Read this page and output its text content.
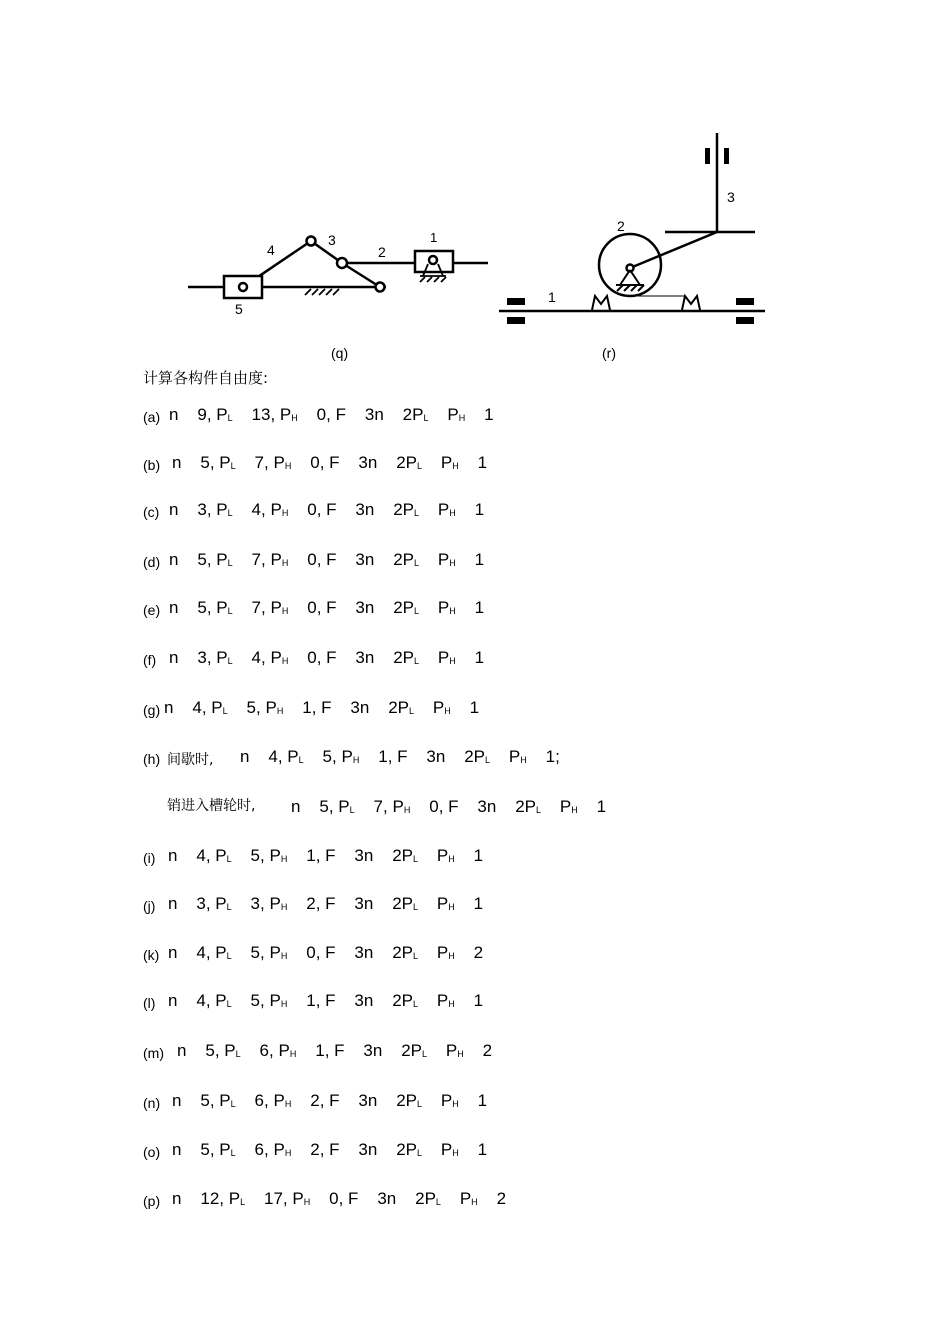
4
3
2
1
5
(q)
3
2
1
(r)
计算各构件自由度:
(a) n    9, $P_L$ 13, $P_H$ 0, F    3n    $2P_L$    $P_H$ 1
(b) n    5, $P_L$ 7, $P_H$ 0, F    3n    $2P_L$    $P_H$ 1
(c) n    3, $P_L$ 4, $P_H$ 0, F    3n    $2P_L$    $P_H$ 1
(d) n    5, $P_L$ 7, $P_H$ 0, F    3n    $2P_L$    $P_H$ 1
(e) n    5, $P_L$ 7, $P_H$ 0, F    3n    $2P_L$    $P_H$ 1
(f) n    3, $P_L$ 4, $P_H$ 0, F    3n    $2P_L$    $P_H$ 1
(g) n    4, $P_L$ 5, $P_H$ 1, F    3n    $2P_L$    $P_H$ 1
(h) 间歇时, n    4, $P_L$ 5, $P_H$ 1, F    3n    $2P_L$    $P_H$ 1;
销进入槽轮时, n    5, $P_L$ 7, $P_H$ 0, F    3n    $2P_L$    $P_H$ 1
(i) n    4, $P_L$ 5, $P_H$ 1, F    3n    $2P_L$    $P_H$ 1
(j) n    3, $P_L$ 3, $P_H$ 2, F    3n    $2P_L$    $P_H$ 1
(k) n    4, $P_L$ 5, $P_H$ 0, F    3n    $2P_L$    $P_H$ 2
(l) n    4, $P_L$ 5, $P_H$ 1, F    3n    $2P_L$    $P_H$ 1
(m) n    5, $P_L$ 6, $P_H$ 1, F    3n    $2P_L$    $P_H$ 2
(n) n    5, $P_L$ 6, $P_H$ 2, F    3n    $2P_L$    $P_H$ 1
(o) n    5, $P_L$ 6, $P_H$ 2, F    3n    $2P_L$    $P_H$ 1
(p) n    12, $P_L$ 17, $P_H$ 0, F    3n    $2P_L$    $P_H$ 2
